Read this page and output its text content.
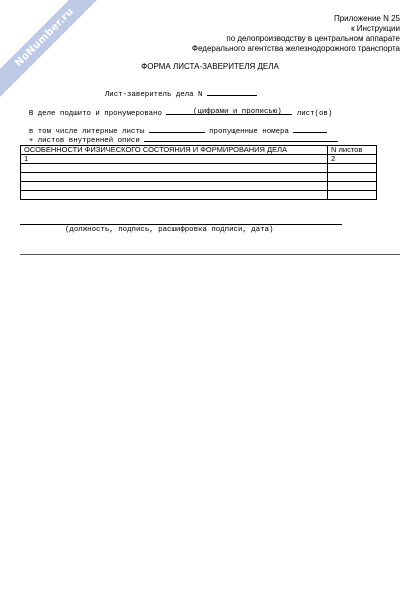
NoNumber.ru	Приложение N 25
к Инструкции
по делопроизводству в центральном аппарате
Федерального агентства железнодорожного транспорта
ФОРМА ЛИСТА-ЗАВЕРИТЕЛЯ ДЕЛА

Лист-заверитель дела N

В деле подшито и пронумеровано	лист(ов)

(цифрами и прописью)

в том числе литерные листы	пропущенные номера

+ листов внутренней описи

ОСОБЕННОСТИ ФИЗИЧЕСКОГО СОСТОЯНИЯ И ФОРМИРОВАНИЯ ДЕЛА	N листов
1	2

(должность, подпись, расшифровка подписи, дата)
